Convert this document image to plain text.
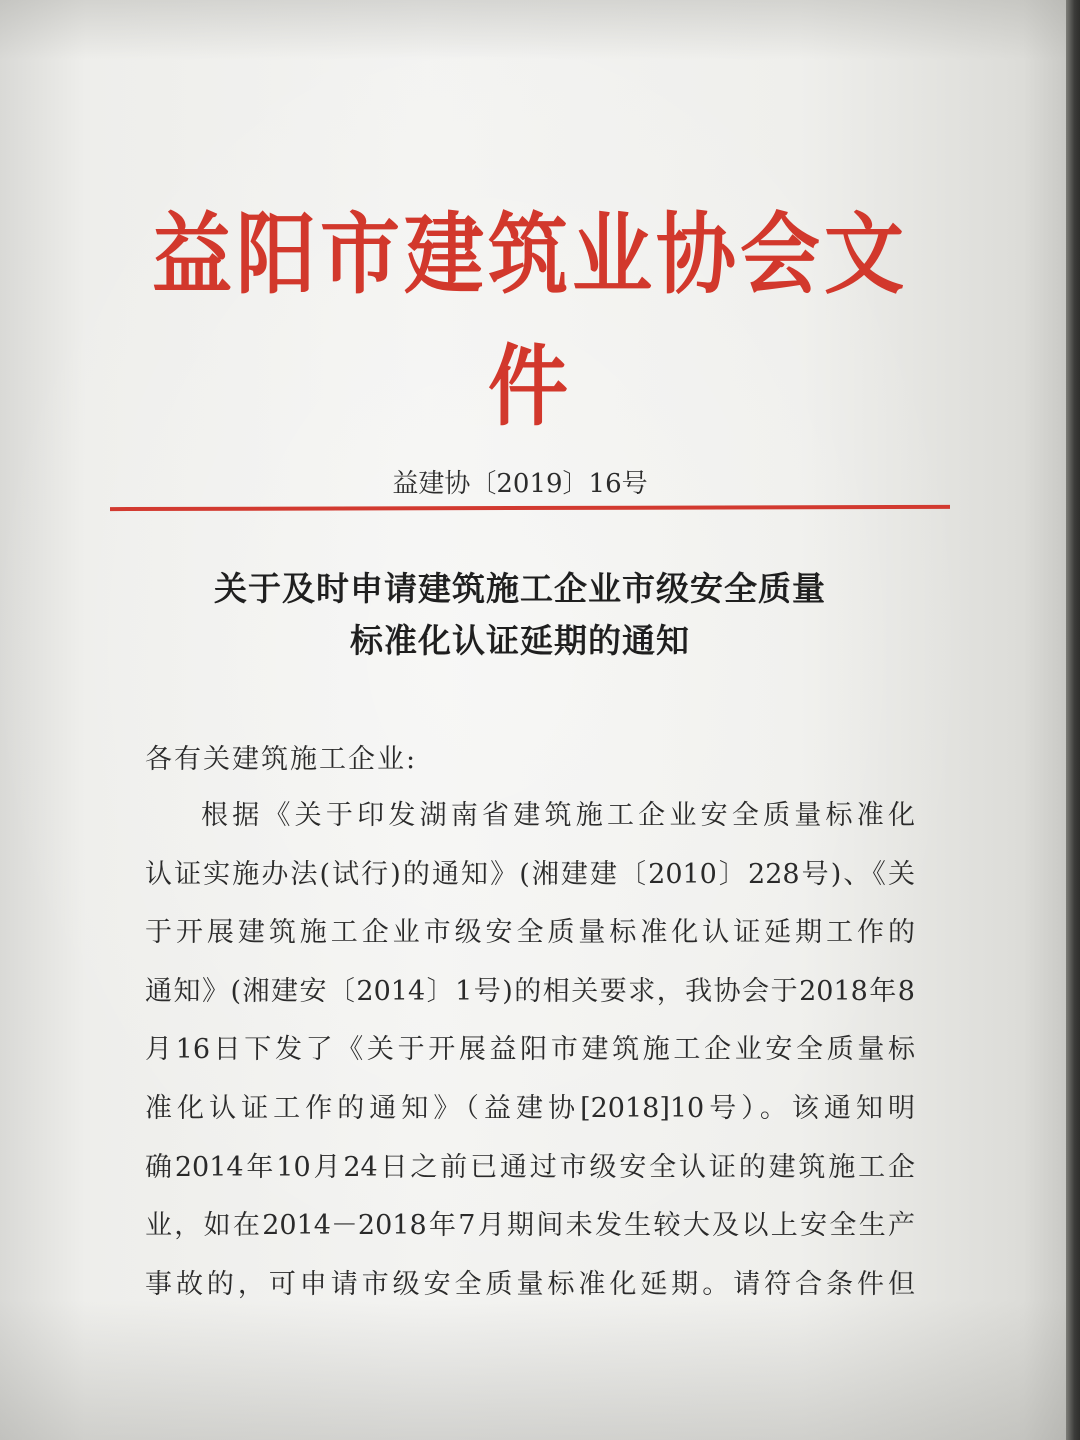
益阳市建筑业协会文件
益建协〔2019〕16号
关于及时申请建筑施工企业市级安全质量
标准化认证延期的通知
各有关建筑施工企业:
根据《关于印发湖南省建筑施工企业安全质量标准化
认证实施办法(试行)的通知》(湘建建〔2010〕228号)、《关
于开展建筑施工企业市级安全质量标准化认证延期工作的
通知》(湘建安〔2014〕1号)的相关要求，我协会于2018年8
月16日下发了《关于开展益阳市建筑施工企业安全质量标
准化认证工作的通知》（益建协[2018]10号）。该通知明
确2014年10月24日之前已通过市级安全认证的建筑施工企
业，如在2014－2018年7月期间未发生较大及以上安全生产
事故的，可申请市级安全质量标准化延期。请符合条件但
